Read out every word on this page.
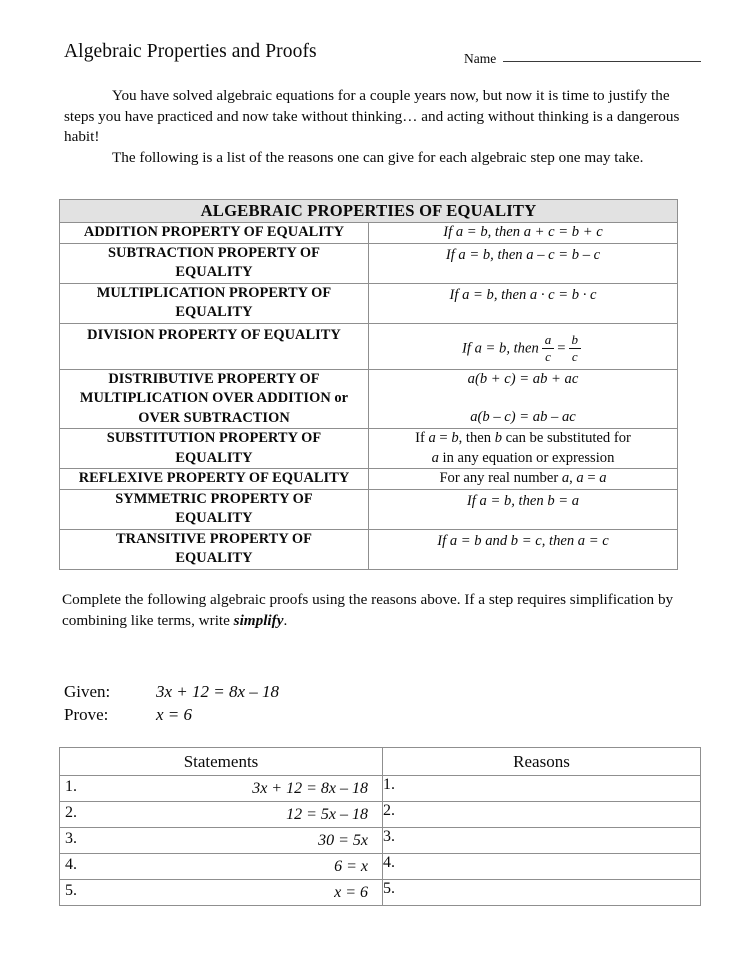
Algebraic Properties and Proofs	Name

You have solved algebraic equations for a couple years now, but now it is time to justify the steps you have practiced and now take without thinking… and acting without thinking is a dangerous habit!

The following is a list of the reasons one can give for each algebraic step one may take.

ALGEBRAIC PROPERTIES OF EQUALITY	
ADDITION PROPERTY OF EQUALITY	If a = b, then a + c = b + c
SUBTRACTION PROPERTY OF
EQUALITY	If a = b, then a – c = b – c
MULTIPLICATION PROPERTY OF
EQUALITY	If a = b, then a · c = b · c
DIVISION PROPERTY OF EQUALITY	If a = b, then $\frac{a}{c} = \frac{b}{c}$

DISTRIBUTIVE PROPERTY OF
MULTIPLICATION OVER ADDITION or
OVER SUBTRACTION	a(b + c) = ab + ac
a(b – c) = ab – ac

SUBSTITUTION PROPERTY OF
EQUALITY	If a = b, then b can be substituted for
a in any equation or expression
REFLEXIVE PROPERTY OF EQUALITY	For any real number a, a = a
SYMMETRIC PROPERTY OF
EQUALITY	If a = b, then b = a
TRANSITIVE PROPERTY OF
EQUALITY	If a = b and b = c, then a = c
Complete the following algebraic proofs using the reasons above. If a step requires simplification by combining like terms, write simplify.
Given:	3x + 12 = 8x – 18
Prove:	x = 6
Statements	Reasons

1. 3x + 12 = 8x – 18	1.

2. 12 = 5x – 18	2.

3. 30 = 5x	3.

4. 6 = x	4.

5. x = 6	5.
